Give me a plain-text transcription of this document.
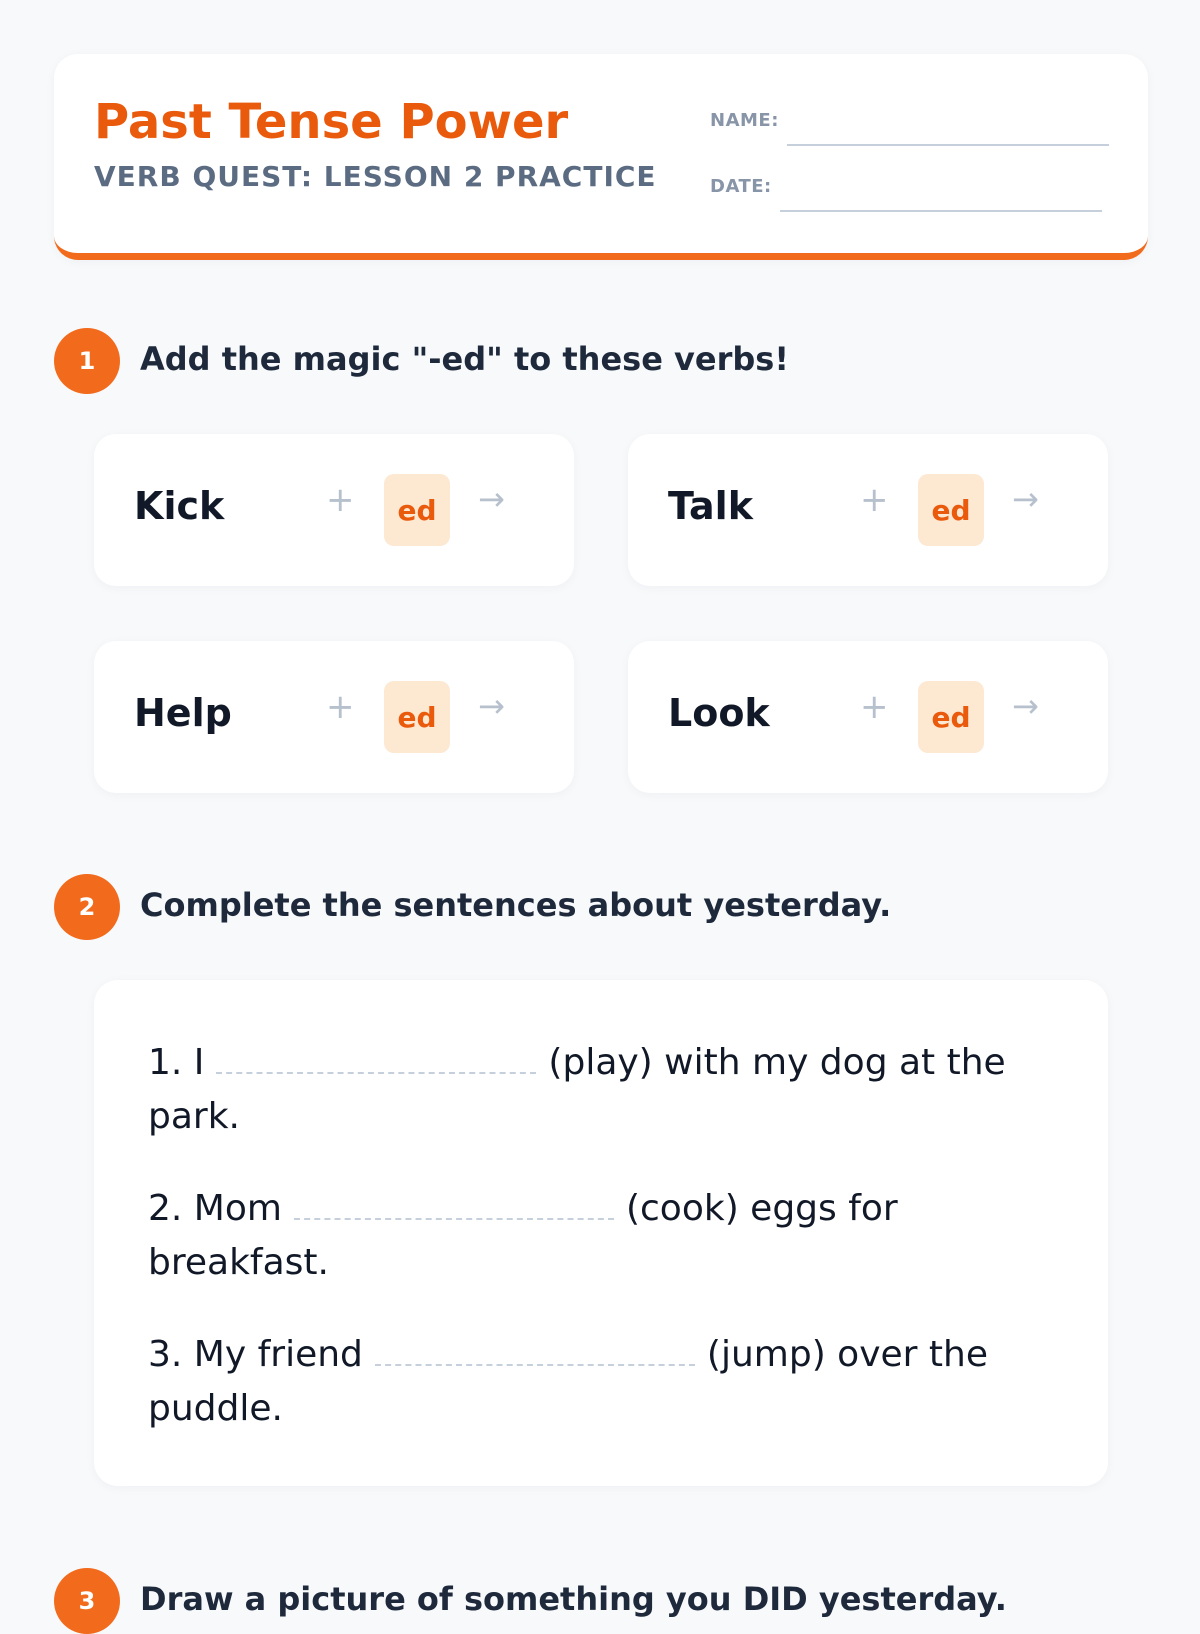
Past Tense Power
VERB QUEST: LESSON 2 PRACTICE
NAME:
DATE:
1	Add the magic "-ed" to these verbs!
Kick	+	ed	→	Talk	+	ed	→
Help	+	ed	→	Look	+	ed	→
2	Complete the sentences about yesterday.
1. I	(play) with my dog at the park.
2. Mom	(cook) eggs for breakfast.
3. My friend	(jump) over the puddle.
3	Draw a picture of something you DID yesterday.
